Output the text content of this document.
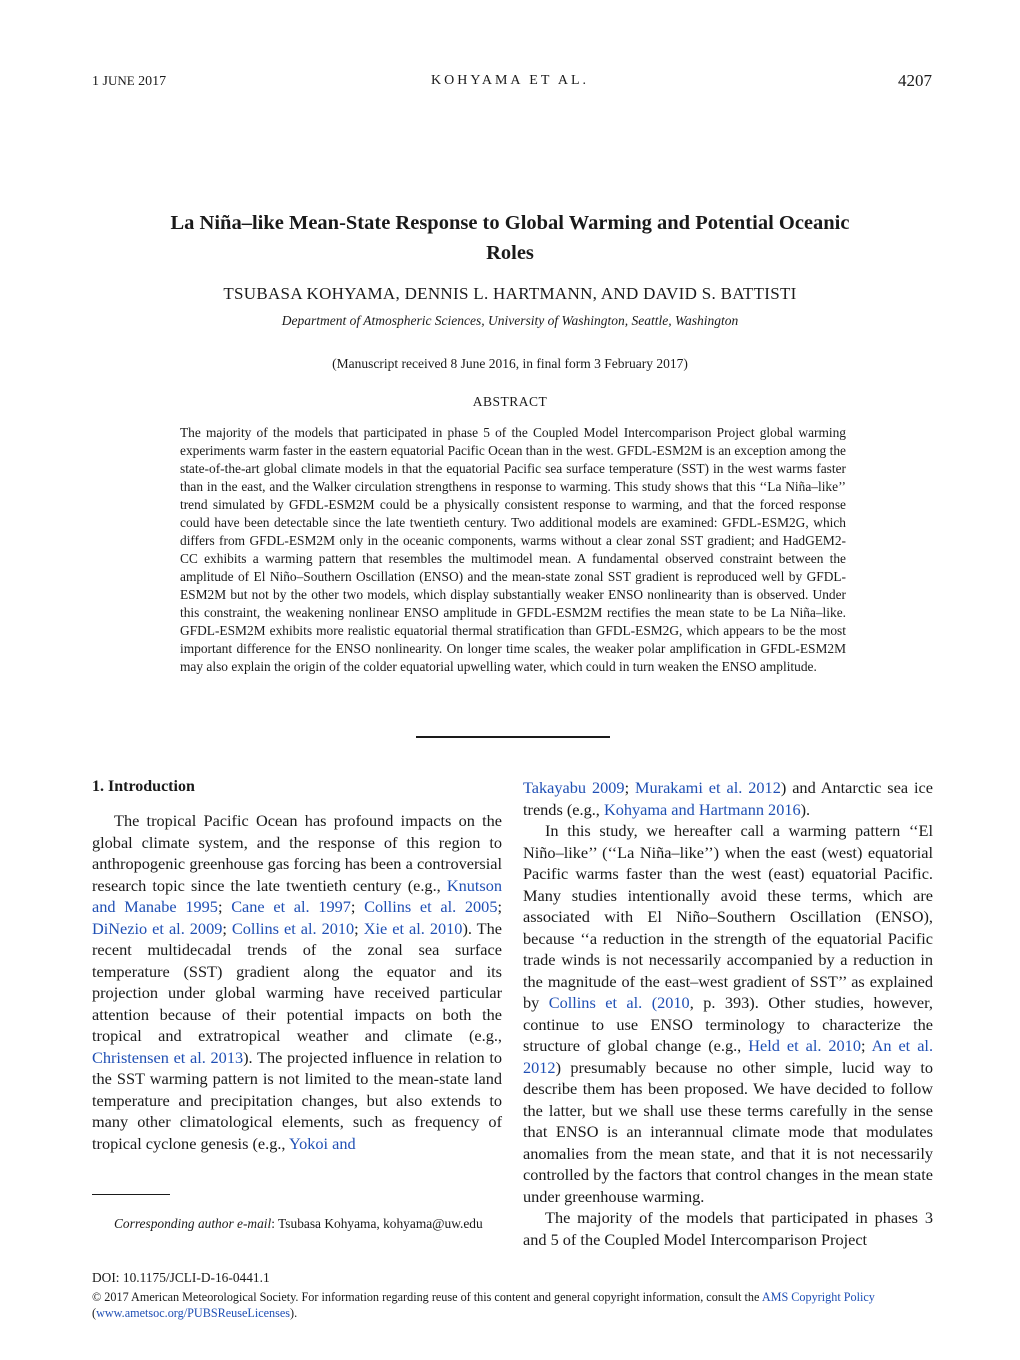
1 JUNE 2017	KOHYAMA ET AL.	4207
La Niña–like Mean-State Response to Global Warming and Potential Oceanic Roles
TSUBASA KOHYAMA, DENNIS L. HARTMANN, AND DAVID S. BATTISTI
Department of Atmospheric Sciences, University of Washington, Seattle, Washington
(Manuscript received 8 June 2016, in final form 3 February 2017)
ABSTRACT
The majority of the models that participated in phase 5 of the Coupled Model Intercomparison Project global warming experiments warm faster in the eastern equatorial Pacific Ocean than in the west. GFDL-ESM2M is an exception among the state-of-the-art global climate models in that the equatorial Pacific sea surface temperature (SST) in the west warms faster than in the east, and the Walker circulation strengthens in response to warming. This study shows that this ‘‘La Niña–like’’ trend simulated by GFDL-ESM2M could be a physically consistent response to warming, and that the forced response could have been detectable since the late twentieth century. Two additional models are examined: GFDL-ESM2G, which differs from GFDL-ESM2M only in the oceanic components, warms without a clear zonal SST gradient; and HadGEM2-CC exhibits a warming pattern that resembles the multimodel mean. A fundamental observed constraint between the amplitude of El Niño–Southern Oscillation (ENSO) and the mean-state zonal SST gradient is reproduced well by GFDL-ESM2M but not by the other two models, which display substantially weaker ENSO nonlinearity than is observed. Under this constraint, the weakening nonlinear ENSO amplitude in GFDL-ESM2M rectifies the mean state to be La Niña–like. GFDL-ESM2M exhibits more realistic equatorial thermal stratification than GFDL-ESM2G, which appears to be the most important difference for the ENSO nonlinearity. On longer time scales, the weaker polar amplification in GFDL-ESM2M may also explain the origin of the colder equatorial upwelling water, which could in turn weaken the ENSO amplitude.
1. Introduction

The tropical Pacific Ocean has profound impacts on the global climate system, and the response of this region to anthropogenic greenhouse gas forcing has been a controversial research topic since the late twentieth century (e.g., Knutson and Manabe 1995; Cane et al. 1997; Collins et al. 2005; DiNezio et al. 2009; Collins et al. 2010; Xie et al. 2010). The recent multidecadal trends of the zonal sea surface temperature (SST) gradient along the equator and its projection under global warming have received particular attention because of their potential impacts on both the tropical and extratropical weather and climate (e.g., Christensen et al. 2013). The projected influence in relation to the SST warming pattern is not limited to the mean-state land temperature and precipitation changes, but also extends to many other climatological elements, such as frequency of tropical cyclone genesis (e.g., Yokoi and

Corresponding author e-mail: Tsubasa Kohyama, kohyama@uw.edu

Takayabu 2009; Murakami et al. 2012) and Antarctic sea ice trends (e.g., Kohyama and Hartmann 2016).

In this study, we hereafter call a warming pattern ‘‘El Niño–like’’ (‘‘La Niña–like’’) when the east (west) equatorial Pacific warms faster than the west (east) equatorial Pacific. Many studies intentionally avoid these terms, which are associated with El Niño–Southern Oscillation (ENSO), because ‘‘a reduction in the strength of the equatorial Pacific trade winds is not necessarily accompanied by a reduction in the magnitude of the east–west gradient of SST’’ as explained by Collins et al. (2010, p. 393). Other studies, however, continue to use ENSO terminology to characterize the structure of global change (e.g., Held et al. 2010; An et al. 2012) presumably because no other simple, lucid way to describe them has been proposed. We have decided to follow the latter, but we shall use these terms carefully in the sense that ENSO is an interannual climate mode that modulates anomalies from the mean state, and that it is not necessarily controlled by the factors that control changes in the mean state under greenhouse warming.

The majority of the models that participated in phases 3 and 5 of the Coupled Model Intercomparison Project

DOI: 10.1175/JCLI-D-16-0441.1
© 2017 American Meteorological Society. For information regarding reuse of this content and general copyright information, consult the AMS Copyright Policy (www.ametsoc.org/PUBSReuseLicenses).
